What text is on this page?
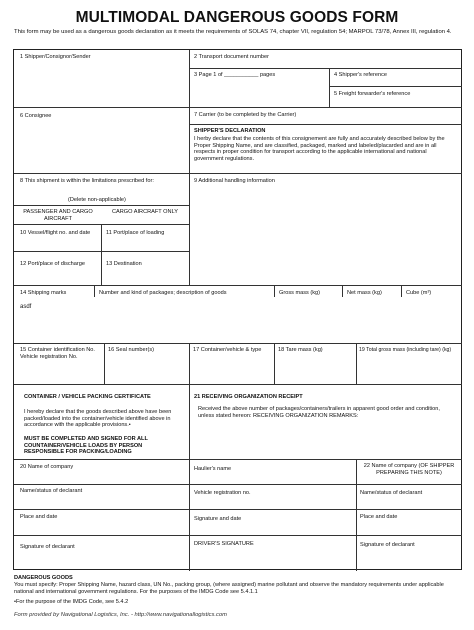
MULTIMODAL DANGEROUS GOODS FORM
This form may be used as a dangerous goods declaration as it meets the requirements of SOLAS 74, chapter VII, regulation 54; MARPOL 73/78, Annex III, regulation 4.
1 Shipper/Consignor/Sender	2 Transport document number
3 Page 1 of ___________ pages	4 Shipper's reference
5 Freight forwarder's reference
6 Consignee	7 Carrier (to be completed by the Carrier)
SHIPPER'S DECLARATION
I herby declare that the contents of this consignement are fully and accurately described below by the Proper Shipping Name, and are classified, packaged, marked and labeled/placarded and are in all respects in proper condition for transport according to the applicable international and national government regulations.
8 This shipment is within the limitations prescribed for:
(Delete non-applicable)
PASSENGER AND CARGO AIRCRAFT
CARGO AIRCRAFT ONLY
9 Additional handling information
10 Vessel/flight no. and date	11 Port/place of loading
12 Port/place of discharge	13 Destination
14 Shipping marks	Number and kind of packages; description of goods	Gross mass (kg)	Net mass (kg)	Cube (m³)
asdf
15 Container identification No. Vehicle registration No.
16 Seal number(s)	17 Container/vehicle & type	18 Tare mass (kg)	19 Total gross mass (including tare) (kg)
CONTAINER / VEHICLE PACKING CERTIFICATE
I hereby declare that the goods described above have been packed/loaded into the container/vehicle identified above in accordance with the applicable provisions.•
MUST BE COMPLETED AND SIGNED FOR ALL COUNTAINER/VEHICLE LOADS BY PERSON RESPONSIBLE FOR PACKING/LOADING
21 RECEIVING ORGANIZATION RECEIPT
Received the above number of packages/containers/trailers in apparent good order and condition, unless stated hereon: RECEIVING ORGANIZATION REMARKS:
20 Name of company	Haulier's name	22 Name of company (OF SHIPPER PREPARING THIS NOTE)
Name/status of declarant	Vehicle registration no.	Name/status of declarant
Place and date	Signature and date	Place and date
Signature of declarant	DRIVER'S SIGNATURE	Signature of declarant
DANGEROUS GOODS
You must specify: Proper Shipping Name, hazard class, UN No., packing group, (where assigned) marine pollutant and observe the mandatory requirements under applicable national and international government regulations. For the purposes of the IMDG Code see 5.4.1.1
•For the purpose of the IMDG Code, see 5.4.2
Form provided by Navigational Logistics, Inc. - http://www.navigationallogistics.com
